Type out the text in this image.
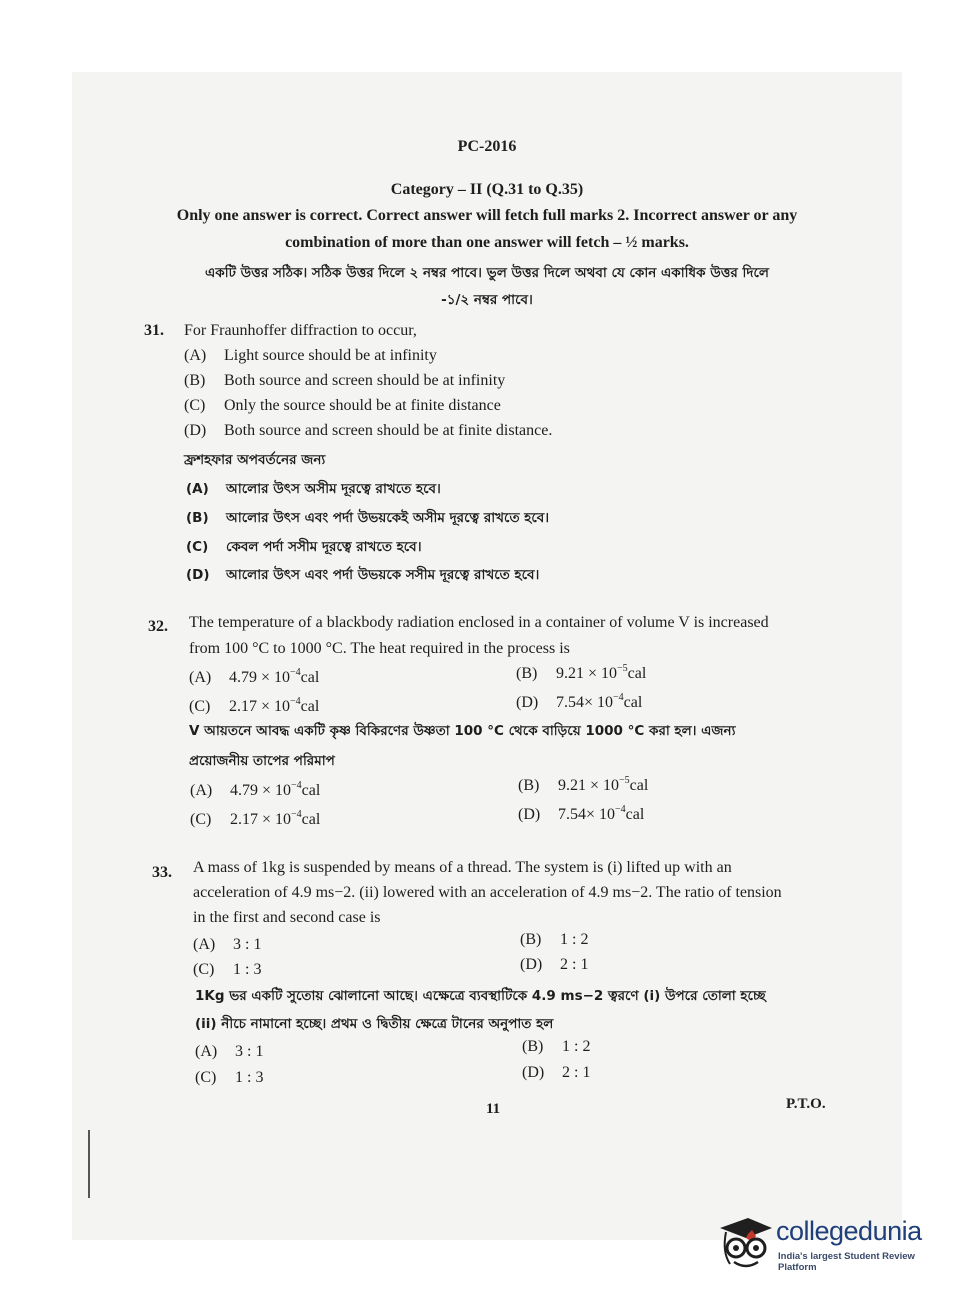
PC-2016
Category – II (Q.31 to Q.35)
Only one answer is correct. Correct answer will fetch full marks 2. Incorrect answer or any
combination of more than one answer will fetch – ½ marks.
একটি উত্তর সঠিক। সঠিক উত্তর দিলে ২ নম্বর পাবে। ভুল উত্তর দিলে অথবা যে কোন একাধিক উত্তর দিলে
-১/২ নম্বর পাবে।
31. For Fraunhoffer diffraction to occur,
(A) Light source should be at infinity
(B) Both source and screen should be at infinity
(C) Only the source should be at finite distance
(D) Both source and screen should be at finite distance.
ফ্রশহফার অপবর্তনের জন্য
(A) আলোর উৎস অসীম দূরত্বে রাখতে হবে।
(B) আলোর উৎস এবং পর্দা উভয়কেই অসীম দূরত্বে রাখতে হবে।
(C) কেবল পর্দা সসীম দূরত্বে রাখতে হবে।
(D) আলোর উৎস এবং পর্দা উভয়কে সসীম দূরত্বে রাখতে হবে।
32. The temperature of a blackbody radiation enclosed in a container of volume V is increased
from 100 °C to 1000 °C. The heat required in the process is
(A) $4.79 \times 10^{-4}cal$	(B) $9.21 \times 10^{-5}cal$
(C) $2.17 \times 10^{-4}cal$	(D) $7.54\times 10^{-4}cal$
V আয়তনে আবদ্ধ একটি কৃষ্ণ বিকিরণের উষ্ণতা 100 °C থেকে বাড়িয়ে 1000 °C করা হল। এজন্য
প্রয়োজনীয় তাপের পরিমাপ
(A) $4.79 \times 10^{-4}cal$	(B) $9.21 \times 10^{-5}cal$
(C) $2.17 \times 10^{-4}cal$	(D) $7.54\times 10^{-4}cal$
33. A mass of 1kg is suspended by means of a thread. The system is (i) lifted up with an
acceleration of 4.9 ms−2. (ii) lowered with an acceleration of 4.9 ms−2. The ratio of tension
in the first and second case is
(A) 3 : 1	(B) 1 : 2
(C) 1 : 3	(D) 2 : 1
1Kg ভর একটি সুতোয় ঝোলানো আছে। এক্ষেত্রে ব্যবস্থাটিকে 4.9 ms−2 ত্বরণে (i) উপরে তোলা হচ্ছে
(ii) নীচে নামানো হচ্ছে। প্রথম ও দ্বিতীয় ক্ষেত্রে টানের অনুপাত হল
(A) 3 : 1	(B) 1 : 2
(C) 1 : 3	(D) 2 : 1
11	P.T.O.
collegedunia
India's largest Student Review Platform
